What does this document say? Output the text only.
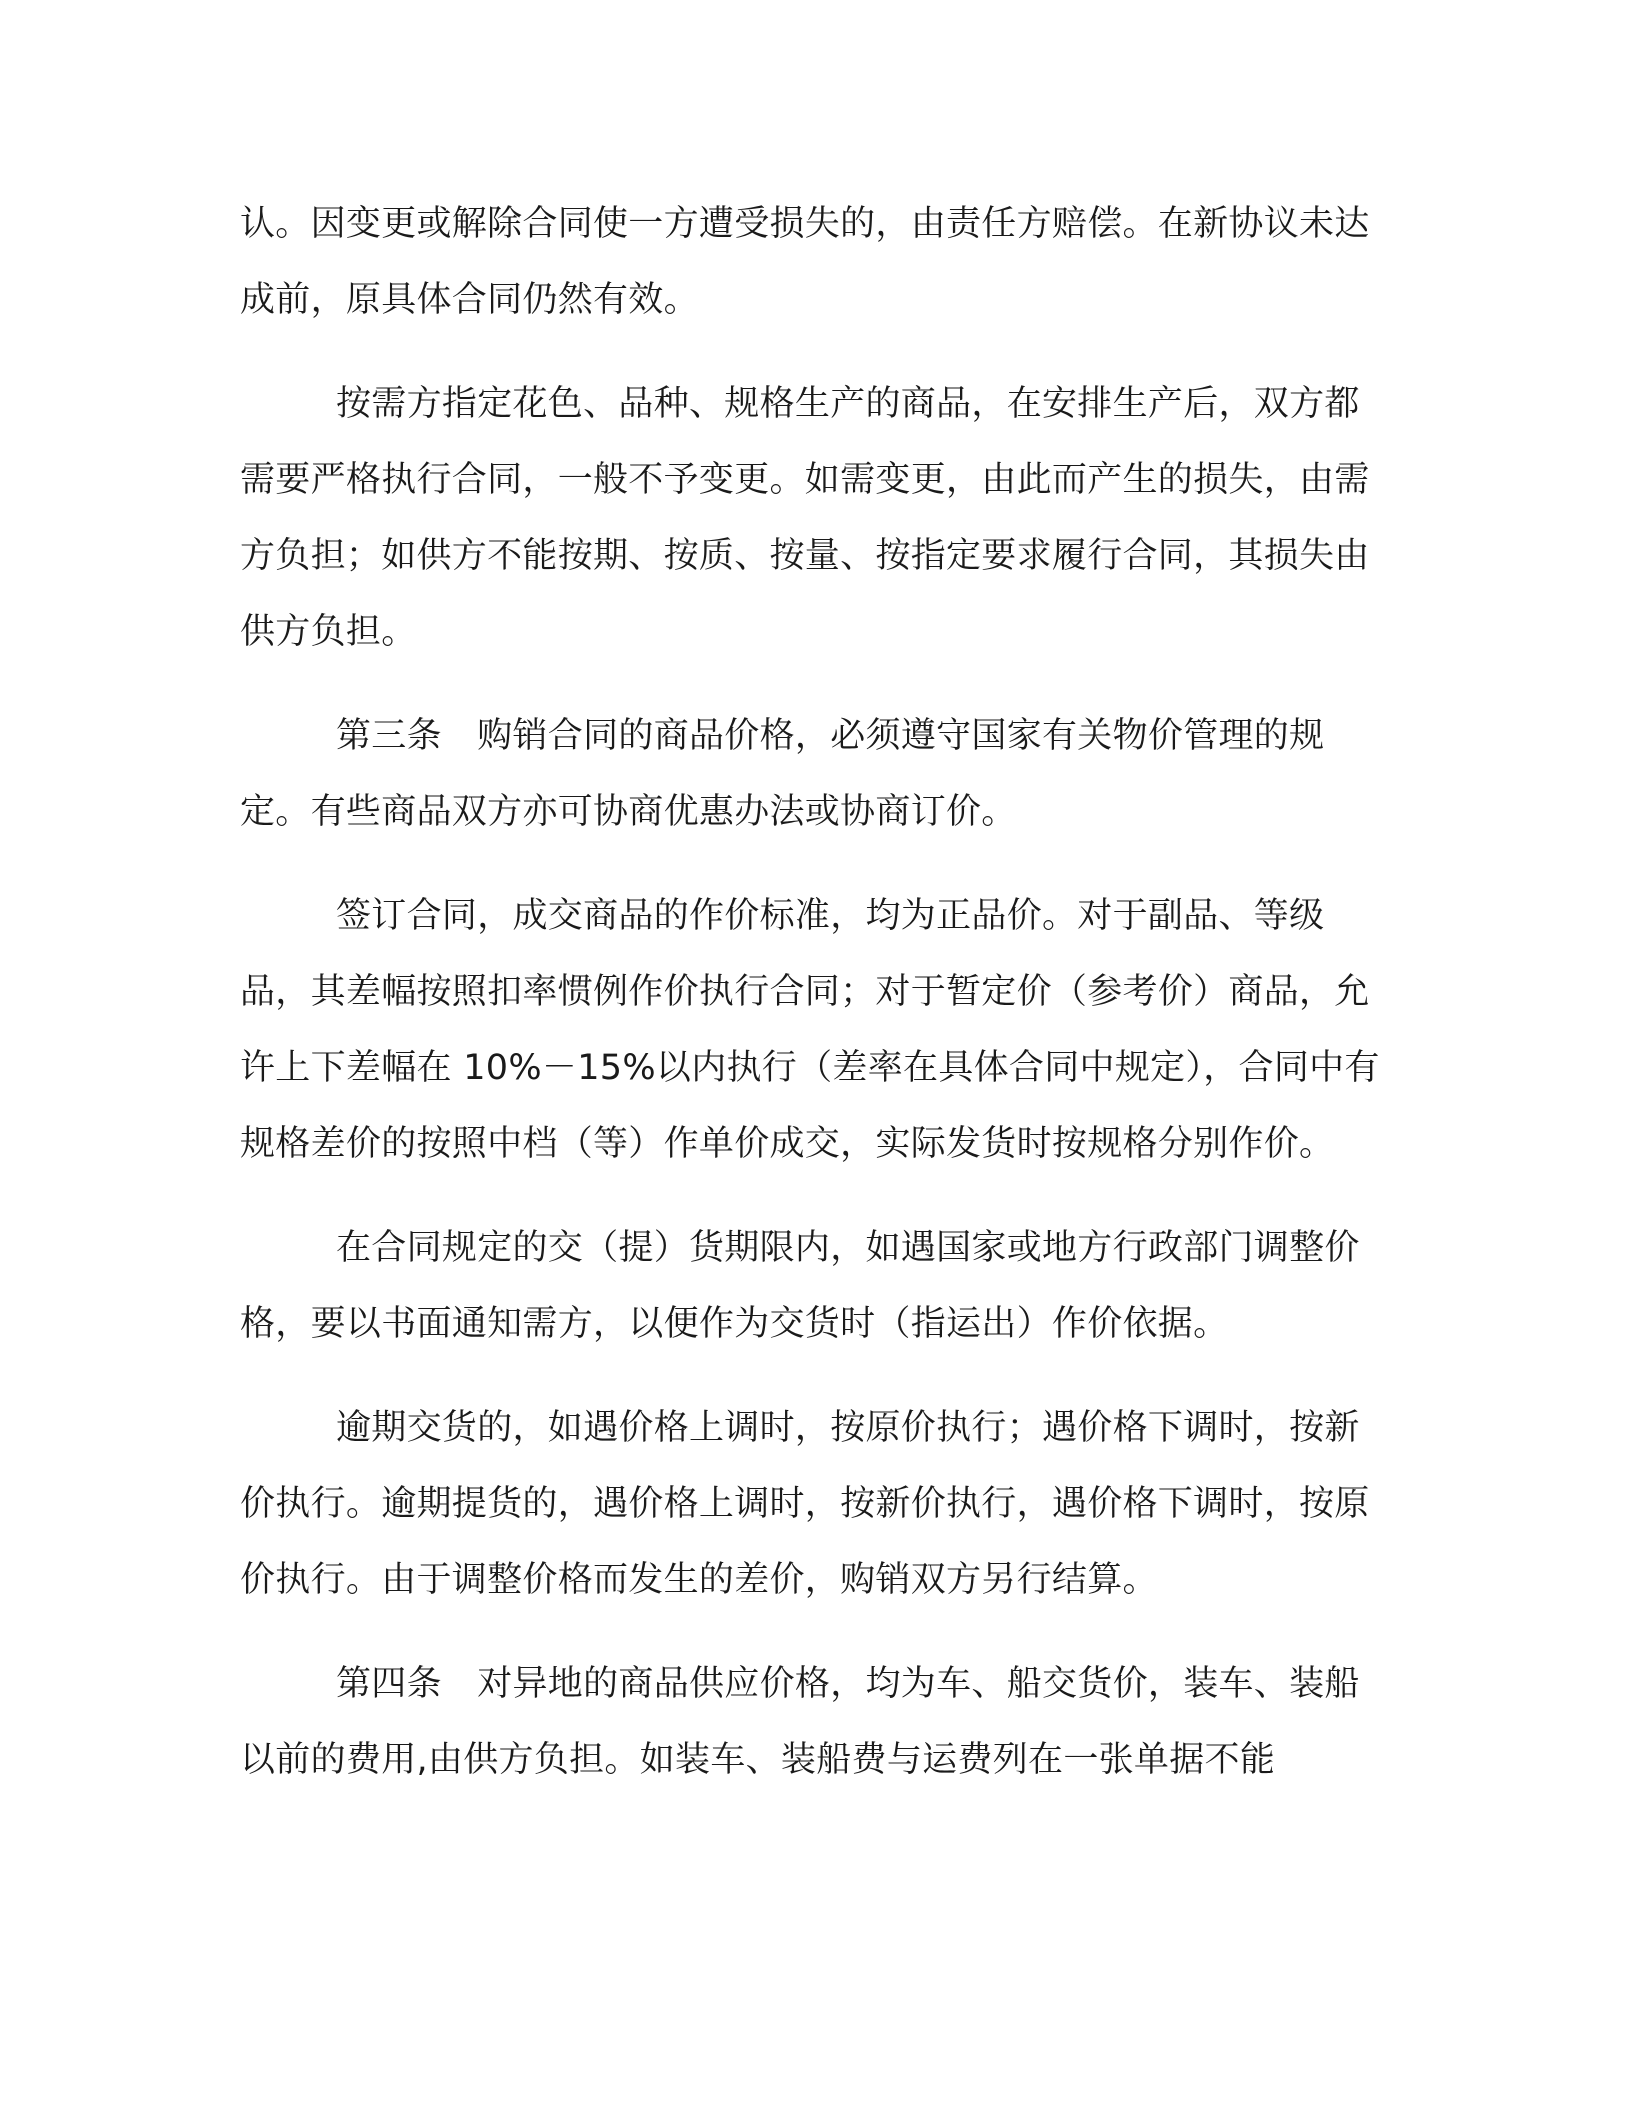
认。因变更或解除合同使一方遭受损失的，由责任方赔偿。在新协议未达成前，原具体合同仍然有效。

按需方指定花色、品种、规格生产的商品，在安排生产后，双方都需要严格执行合同，一般不予变更。如需变更，由此而产生的损失，由需方负担；如供方不能按期、按质、按量、按指定要求履行合同，其损失由供方负担。

第三条　购销合同的商品价格，必须遵守国家有关物价管理的规定。有些商品双方亦可协商优惠办法或协商订价。

签订合同，成交商品的作价标准，均为正品价。对于副品、等级品，其差幅按照扣率惯例作价执行合同；对于暂定价（参考价）商品，允许上下差幅在 10%－15%以内执行（差率在具体合同中规定），合同中有规格差价的按照中档（等）作单价成交，实际发货时按规格分别作价。

在合同规定的交（提）货期限内，如遇国家或地方行政部门调整价格，要以书面通知需方，以便作为交货时（指运出）作价依据。

逾期交货的，如遇价格上调时，按原价执行；遇价格下调时，按新价执行。逾期提货的，遇价格上调时，按新价执行，遇价格下调时，按原价执行。由于调整价格而发生的差价，购销双方另行结算。

第四条　对异地的商品供应价格，均为车、船交货价，装车、装船以前的费用,由供方负担。如装车、装船费与运费列在一张单据不能
